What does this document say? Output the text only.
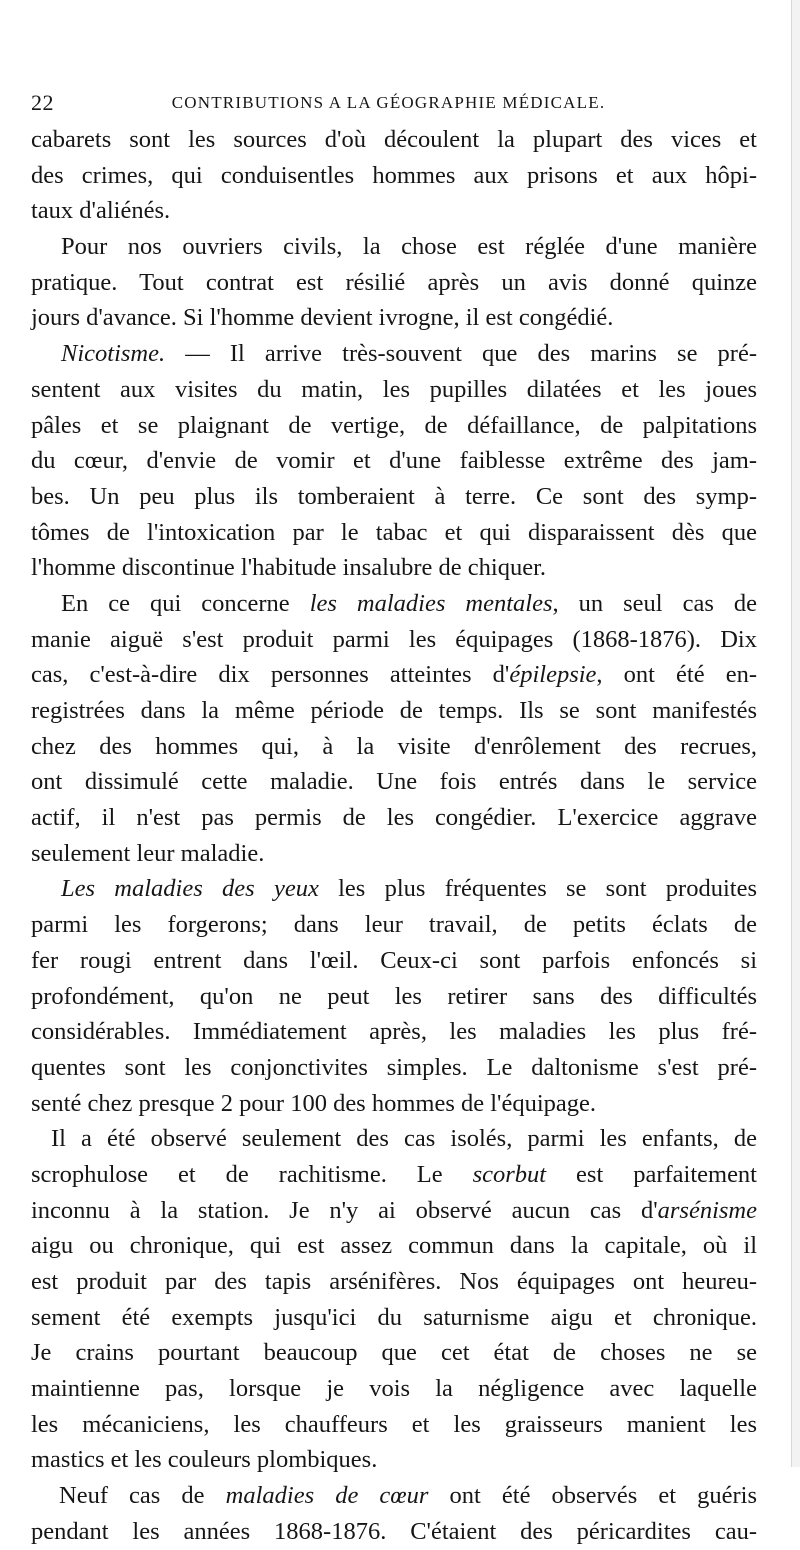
22	CONTRIBUTIONS A LA GÉOGRAPHIE MÉDICALE.
cabarets sont les sources d'où découlent la plupart des vices et
des crimes, qui conduisentles hommes aux prisons et aux hôpi-
taux d'aliénés.
Pour nos ouvriers civils, la chose est réglée d'une manière
pratique. Tout contrat est résilié après un avis donné quinze
jours d'avance. Si l'homme devient ivrogne, il est congédié.
Nicotisme. — Il arrive très-souvent que des marins se pré-
sentent aux visites du matin, les pupilles dilatées et les joues
pâles et se plaignant de vertige, de défaillance, de palpitations
du cœur, d'envie de vomir et d'une faiblesse extrême des jam-
bes. Un peu plus ils tomberaient à terre. Ce sont des symp-
tômes de l'intoxication par le tabac et qui disparaissent dès que
l'homme discontinue l'habitude insalubre de chiquer.
En ce qui concerne les maladies mentales, un seul cas de
manie aiguë s'est produit parmi les équipages (1868-1876). Dix
cas, c'est-à-dire dix personnes atteintes d'épilepsie, ont été en-
registrées dans la même période de temps. Ils se sont manifestés
chez des hommes qui, à la visite d'enrôlement des recrues,
ont dissimulé cette maladie. Une fois entrés dans le service
actif, il n'est pas permis de les congédier. L'exercice aggrave
seulement leur maladie.
Les maladies des yeux les plus fréquentes se sont produites
parmi les forgerons; dans leur travail, de petits éclats de
fer rougi entrent dans l'œil. Ceux-ci sont parfois enfoncés si
profondément, qu'on ne peut les retirer sans des difficultés
considérables. Immédiatement après, les maladies les plus fré-
quentes sont les conjonctivites simples. Le daltonisme s'est pré-
senté chez presque 2 pour 100 des hommes de l'équipage.
Il a été observé seulement des cas isolés, parmi les enfants, de
scrophulose et de rachitisme. Le scorbut est parfaitement
inconnu à la station. Je n'y ai observé aucun cas d'arsénisme
aigu ou chronique, qui est assez commun dans la capitale, où il
est produit par des tapis arsénifères. Nos équipages ont heureu-
sement été exempts jusqu'ici du saturnisme aigu et chronique.
Je crains pourtant beaucoup que cet état de choses ne se
maintienne pas, lorsque je vois la négligence avec laquelle
les mécaniciens, les chauffeurs et les graisseurs manient les
mastics et les couleurs plombiques.
Neuf cas de maladies de cœur ont été observés et guéris
pendant les années 1868-1876. C'étaient des péricardites cau-
